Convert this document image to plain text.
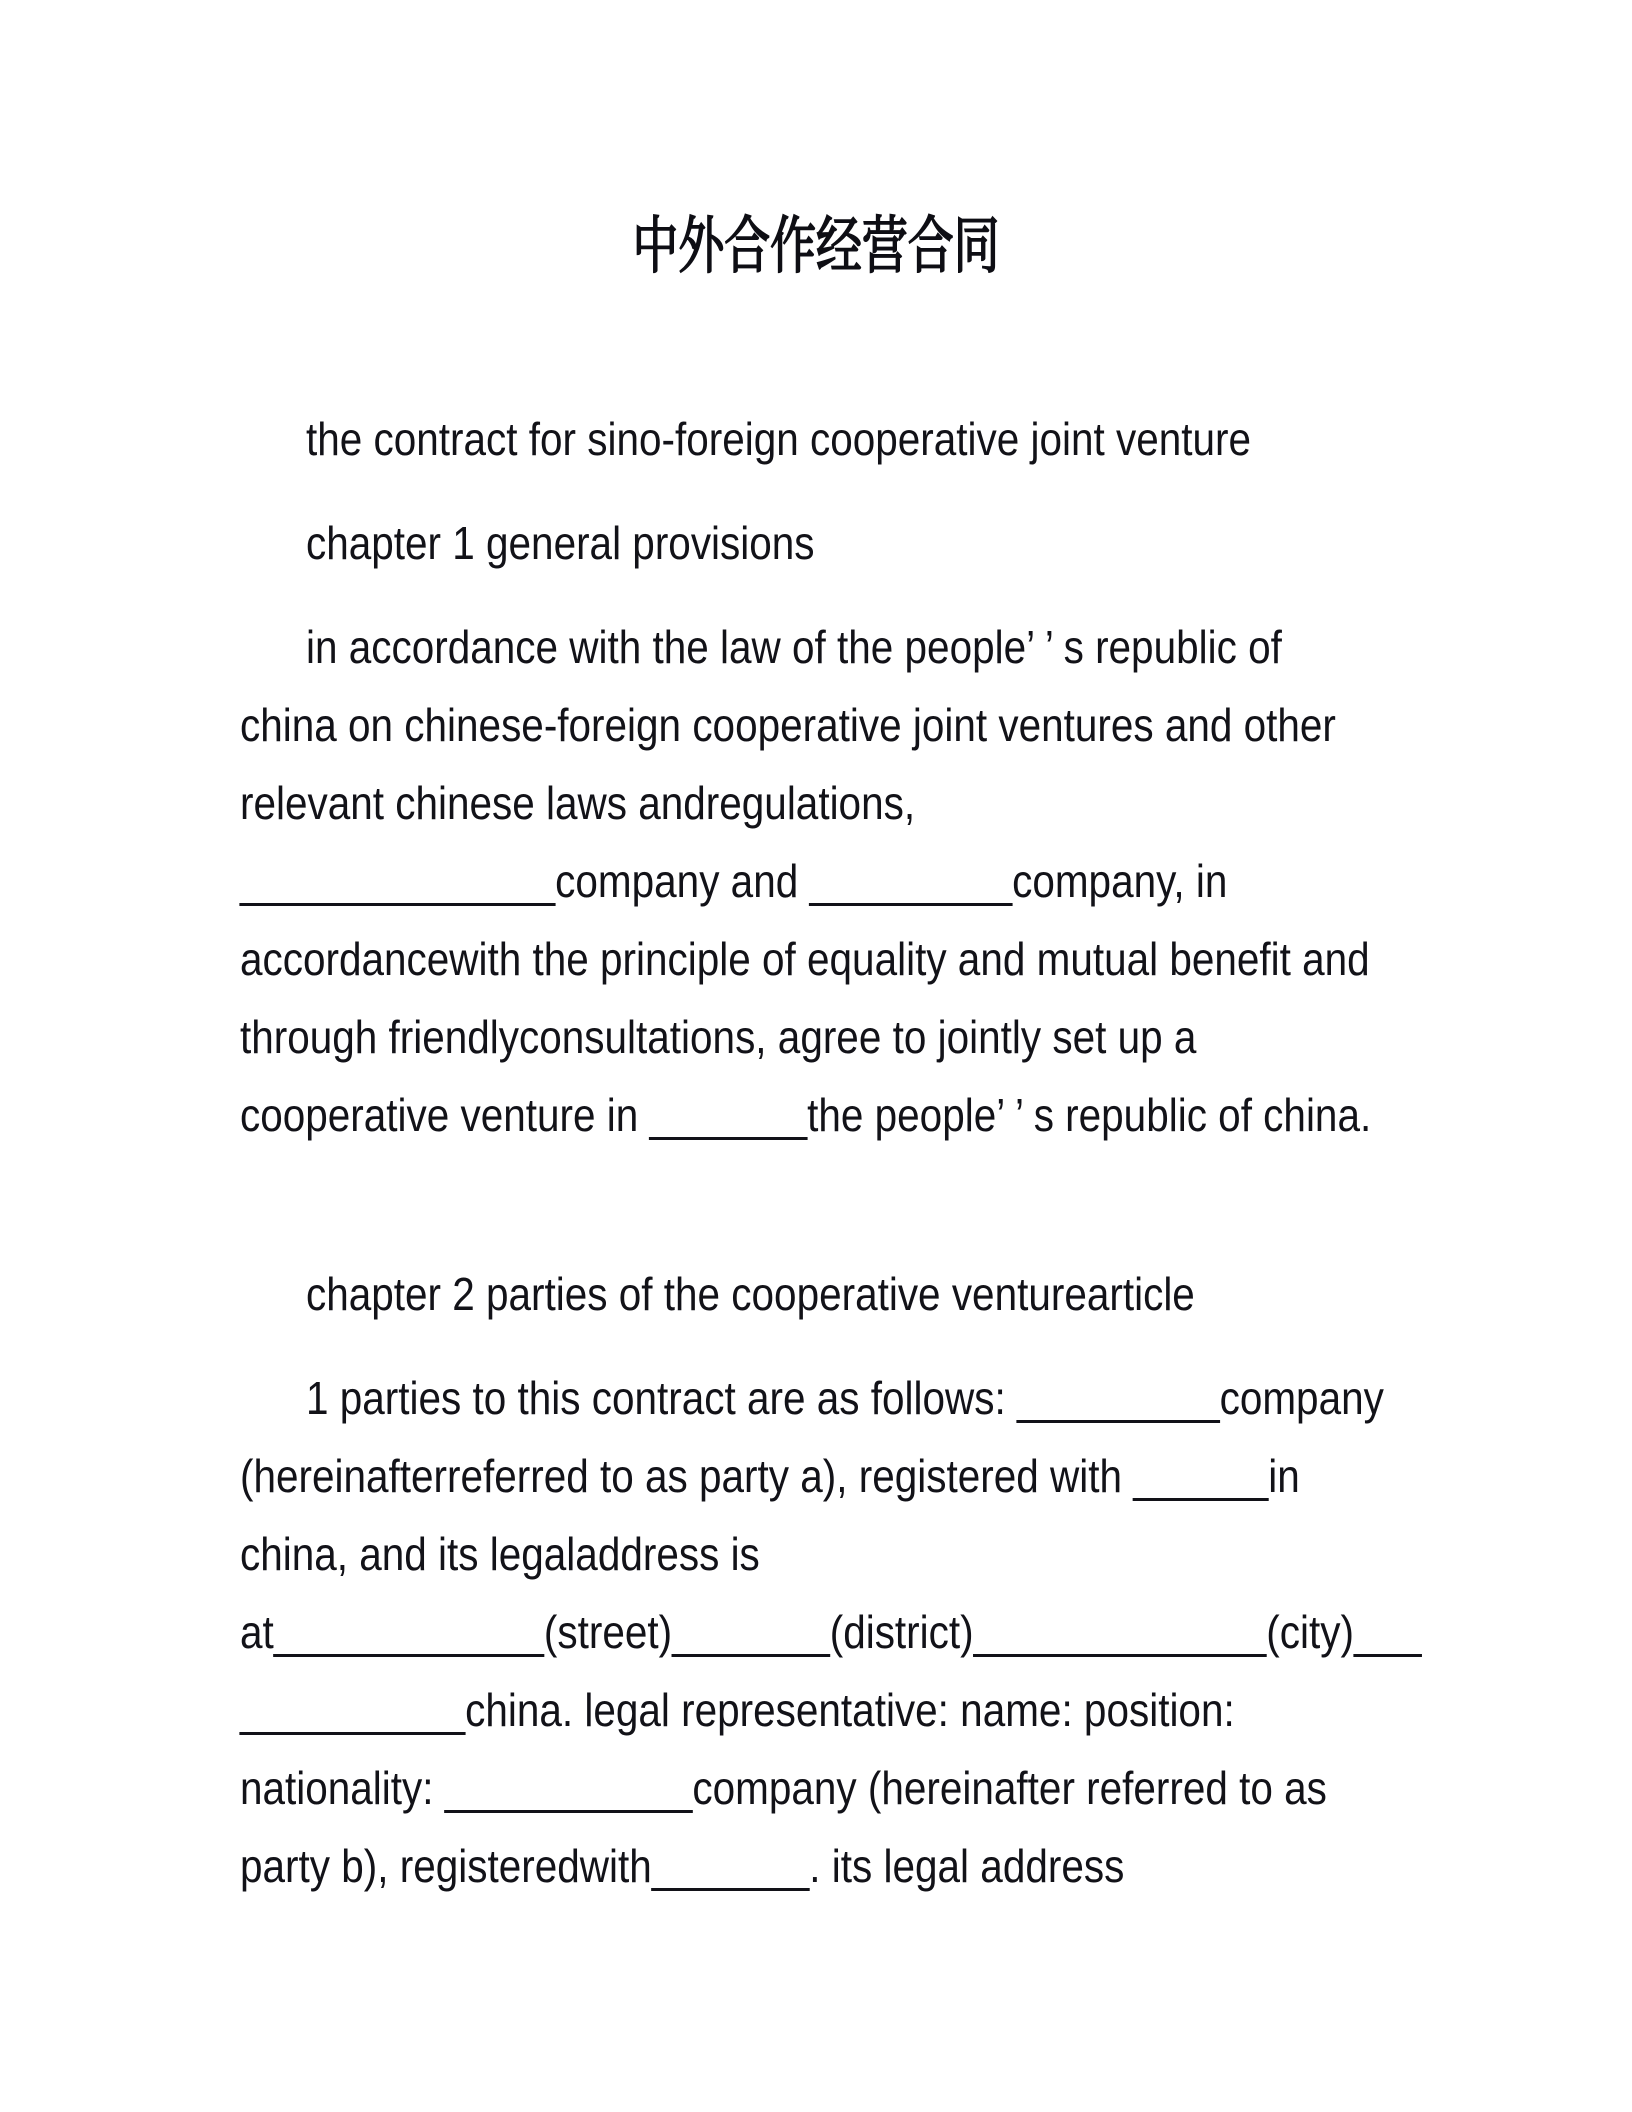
中外合作经营合同
the contract for sino-foreign cooperative joint venture
chapter 1 general provisions
in accordance with the law of the people’ ’ s republic of
china on chinese-foreign cooperative joint ventures and other
relevant chinese laws andregulations,
______________company and _________company, in
accordancewith the principle of equality and mutual benefit and
through friendlyconsultations, agree to jointly set up a
cooperative venture in _______the people’ ’ s republic of china.
chapter 2 parties of the cooperative venturearticle
1 parties to this contract are as follows: _________company
(hereinafterreferred to as party a), registered with ______in
china, and its legaladdress is
at____________(street)_______(district)_____________(city)___
__________china. legal representative: name: position:
nationality: ___________company (hereinafter referred to as
party b), registeredwith_______. its legal address
